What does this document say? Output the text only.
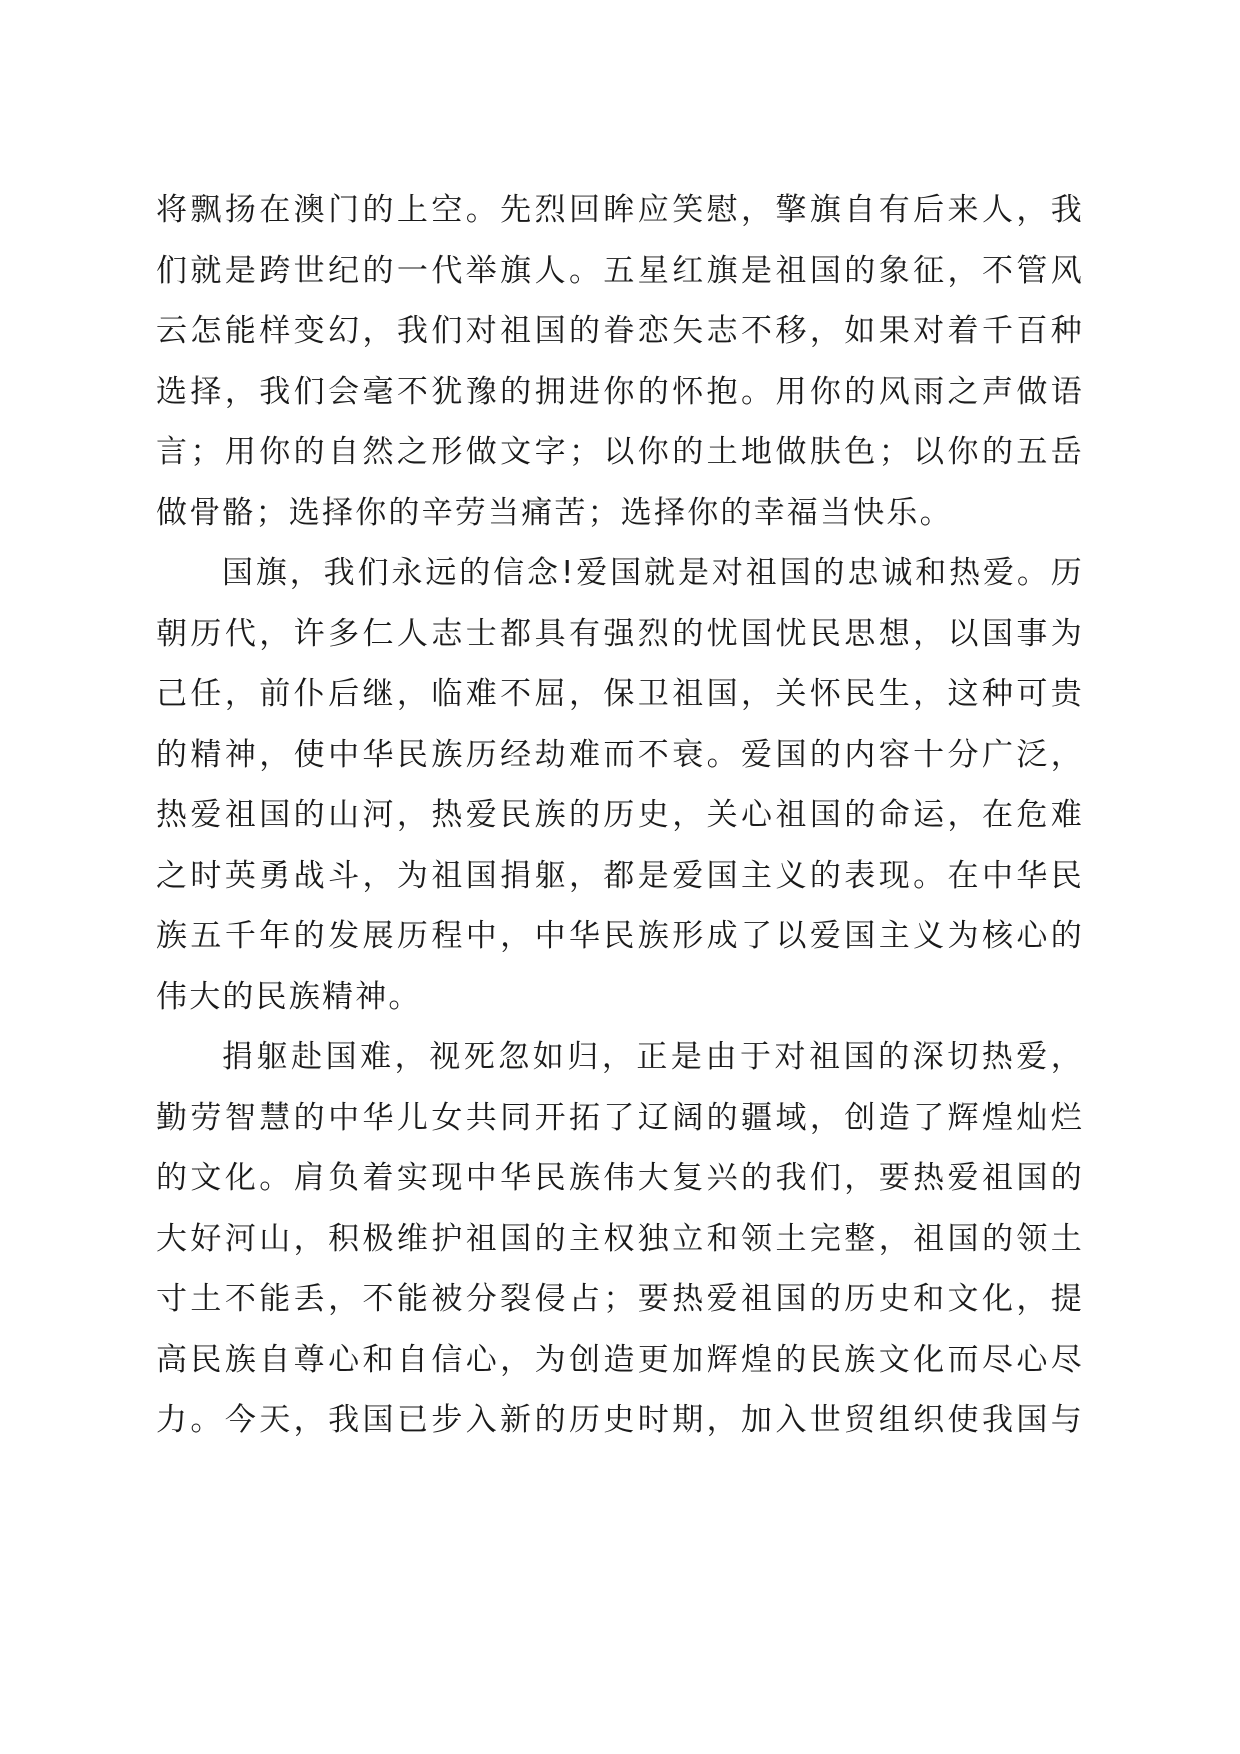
将飘扬在澳门的上空。先烈回眸应笑慰，擎旗自有后来人，我
们就是跨世纪的一代举旗人。五星红旗是祖国的象征，不管风
云怎能样变幻，我们对祖国的眷恋矢志不移，如果对着千百种
选择，我们会毫不犹豫的拥进你的怀抱。用你的风雨之声做语
言；用你的自然之形做文字；以你的土地做肤色；以你的五岳
做骨骼；选择你的辛劳当痛苦；选择你的幸福当快乐。
国旗，我们永远的信念!爱国就是对祖国的忠诚和热爱。历
朝历代，许多仁人志士都具有强烈的忧国忧民思想，以国事为
己任，前仆后继，临难不屈，保卫祖国，关怀民生，这种可贵
的精神，使中华民族历经劫难而不衰。爱国的内容十分广泛，
热爱祖国的山河，热爱民族的历史，关心祖国的命运，在危难
之时英勇战斗，为祖国捐躯，都是爱国主义的表现。在中华民
族五千年的发展历程中，中华民族形成了以爱国主义为核心的
伟大的民族精神。
捐躯赴国难，视死忽如归，正是由于对祖国的深切热爱，
勤劳智慧的中华儿女共同开拓了辽阔的疆域，创造了辉煌灿烂
的文化。肩负着实现中华民族伟大复兴的我们，要热爱祖国的
大好河山，积极维护祖国的主权独立和领土完整，祖国的领土
寸土不能丢，不能被分裂侵占；要热爱祖国的历史和文化，提
高民族自尊心和自信心，为创造更加辉煌的民族文化而尽心尽
力。今天，我国已步入新的历史时期，加入世贸组织使我国与
